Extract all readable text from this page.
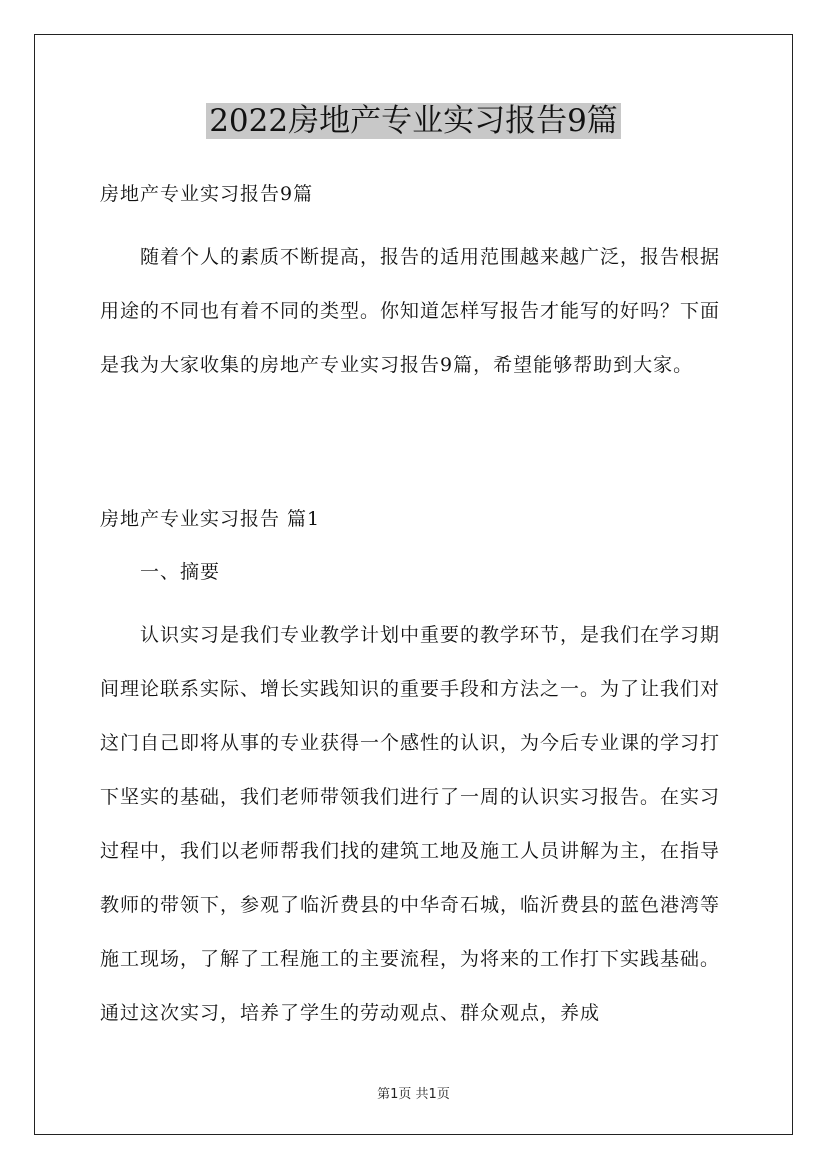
2022房地产专业实习报告9篇

房地产专业实习报告9篇

随着个人的素质不断提高，报告的适用范围越来越广泛，报告根据用途的不同也有着不同的类型。你知道怎样写报告才能写的好吗？下面是我为大家收集的房地产专业实习报告9篇，希望能够帮助到大家。

房地产专业实习报告 篇1

一、摘要

认识实习是我们专业教学计划中重要的教学环节，是我们在学习期间理论联系实际、增长实践知识的重要手段和方法之一。为了让我们对这门自己即将从事的专业获得一个感性的认识，为今后专业课的学习打下坚实的基础，我们老师带领我们进行了一周的认识实习报告。在实习过程中，我们以老师帮我们找的建筑工地及施工人员讲解为主，在指导教师的带领下，参观了临沂费县的中华奇石城，临沂费县的蓝色港湾等施工现场，了解了工程施工的主要流程，为将来的工作打下实践基础。通过这次实习，培养了学生的劳动观点、群众观点，养成

第1页 共1页
